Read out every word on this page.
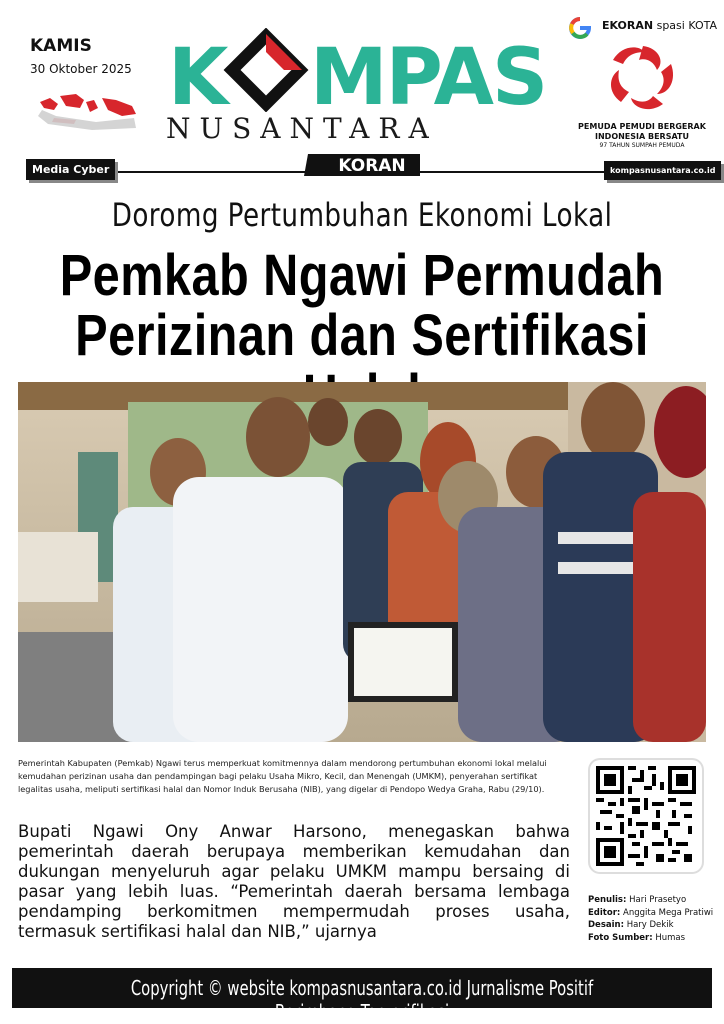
KAMIS
30 Oktober 2025 K MPAS
NUSANTARA
EKORAN spasi KOTA
PEMUDA PEMUDI BERGERAK
INDONESIA BERSATU
97 TAHUN SUMPAH PEMUDA
Media Cyber	kompasnusantara.co.id
KORAN
Doromg Pertumbuhan Ekonomi Lokal
Pemkab Ngawi Permudah
Perizinan dan Sertifikasi
Pemerintah Kabupaten (Pemkab) Ngawi terus memperkuat komitmennya dalam mendorong pertumbuhan ekonomi lokal melalui kemudahan perizinan usaha dan pendampingan bagi pelaku Usaha Mikro, Kecil, dan Menengah (UMKM), penyerahan sertifikat legalitas usaha, meliputi sertifikasi halal dan Nomor Induk Berusaha (NIB), yang digelar di Pendopo Wedya Graha, Rabu (29/10).
Bupati Ngawi Ony Anwar Harsono, menegaskan bahwa pemerintah daerah berupaya memberikan kemudahan dan dukungan menyeluruh agar pelaku UMKM mampu bersaing di pasar yang lebih luas. “Pemerintah daerah bersama lembaga pendamping berkomitmen mempermudah proses usaha, termasuk sertifikasi halal dan NIB,” ujarnya
Penulis: Hari Prasetyo
Editor: Anggita Mega Pratiwi
Desain: Hary Dekik
Foto Sumber: Humas
Copyright © website kompasnusantara.co.id Jurnalisme Positif Berimbang Terverifikasi
